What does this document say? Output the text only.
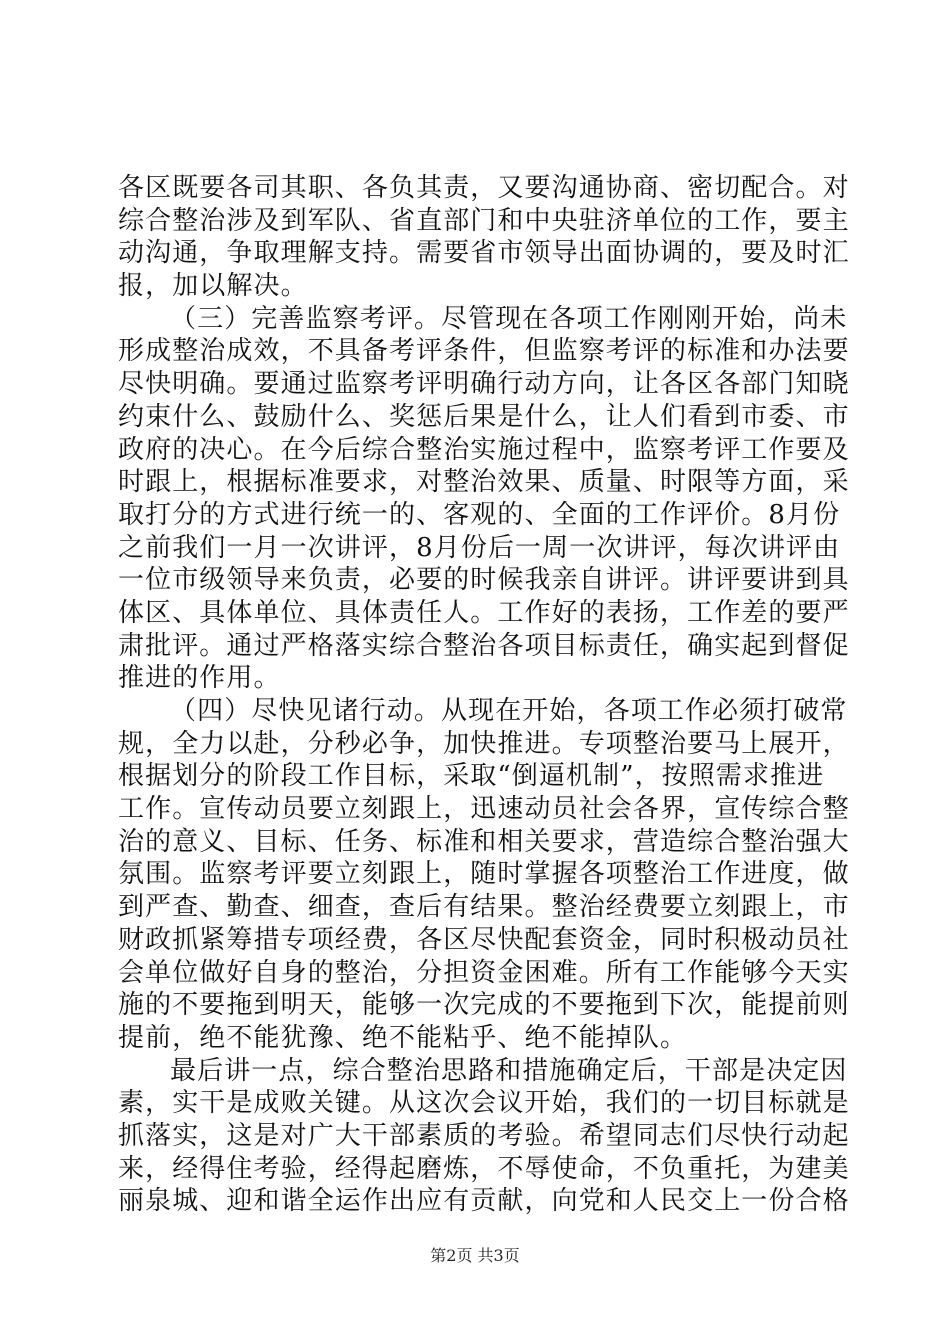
各区既要各司其职、各负其责，又要沟通协商、密切配合。对
综合整治涉及到军队、省直部门和中央驻济单位的工作，要主
动沟通，争取理解支持。需要省市领导出面协调的，要及时汇
报，加以解决。
（三）完善监察考评。尽管现在各项工作刚刚开始，尚未
形成整治成效，不具备考评条件，但监察考评的标准和办法要
尽快明确。要通过监察考评明确行动方向，让各区各部门知晓
约束什么、鼓励什么、奖惩后果是什么，让人们看到市委、市
政府的决心。在今后综合整治实施过程中，监察考评工作要及
时跟上，根据标准要求，对整治效果、质量、时限等方面，采
取打分的方式进行统一的、客观的、全面的工作评价。8月份
之前我们一月一次讲评，8月份后一周一次讲评，每次讲评由
一位市级领导来负责，必要的时候我亲自讲评。讲评要讲到具
体区、具体单位、具体责任人。工作好的表扬，工作差的要严
肃批评。通过严格落实综合整治各项目标责任，确实起到督促
推进的作用。
（四）尽快见诸行动。从现在开始，各项工作必须打破常
规，全力以赴，分秒必争，加快推进。专项整治要马上展开，
根据划分的阶段工作目标，采取“倒逼机制”，按照需求推进
工作。宣传动员要立刻跟上，迅速动员社会各界，宣传综合整
治的意义、目标、任务、标准和相关要求，营造综合整治强大
氛围。监察考评要立刻跟上，随时掌握各项整治工作进度，做
到严查、勤查、细查，查后有结果。整治经费要立刻跟上，市
财政抓紧筹措专项经费，各区尽快配套资金，同时积极动员社
会单位做好自身的整治，分担资金困难。所有工作能够今天实
施的不要拖到明天，能够一次完成的不要拖到下次，能提前则
提前，绝不能犹豫、绝不能粘乎、绝不能掉队。
最后讲一点，综合整治思路和措施确定后，干部是决定因
素，实干是成败关键。从这次会议开始，我们的一切目标就是
抓落实，这是对广大干部素质的考验。希望同志们尽快行动起
来，经得住考验，经得起磨炼，不辱使命，不负重托，为建美
丽泉城、迎和谐全运作出应有贡献，向党和人民交上一份合格
第2页 共3页
